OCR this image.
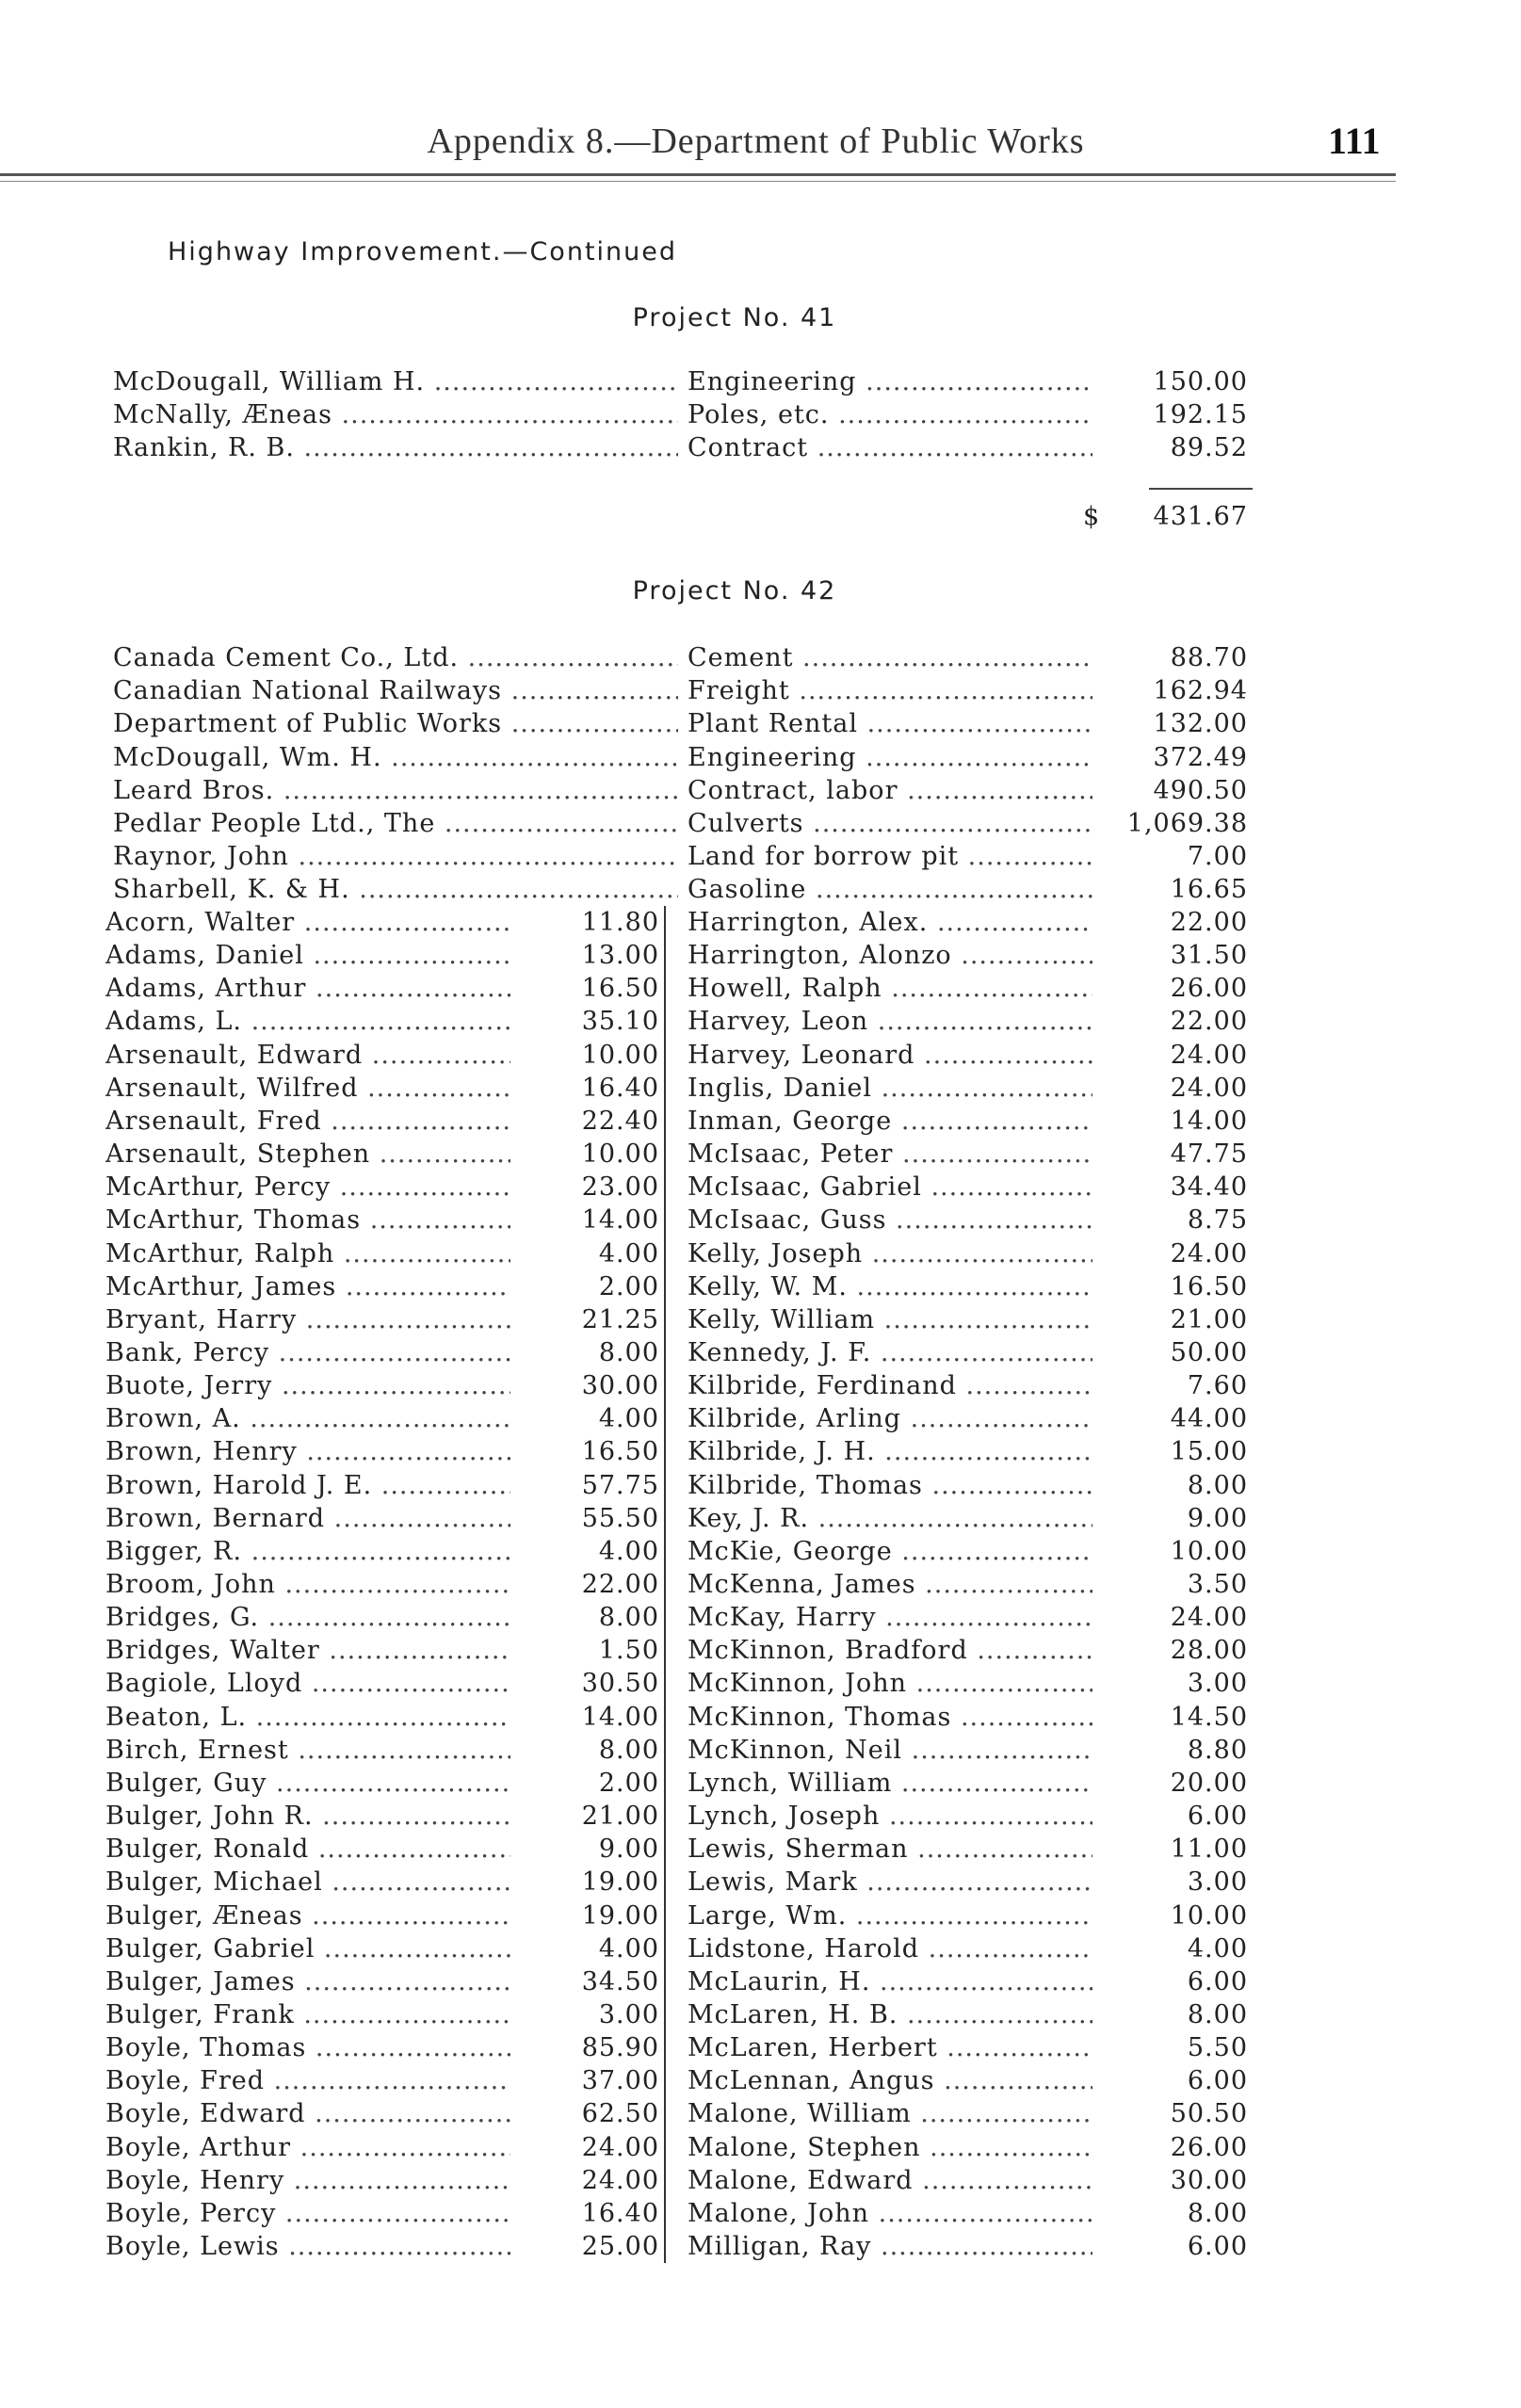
Appendix 8.—Department of Public Works	111
Highway Improvement.—Continued
Project No. 41
McDougall, William H. .....	Engineering .....	150.00
McNally, Æneas .....	Poles, etc. .....	192.15
Rankin, R. B. .....	Contract .....	89.52
$	431.67
Project No. 42
Canada Cement Co., Ltd. .....	Cement .....	88.70
Canadian National Railways .....	Freight .....	162.94
Department of Public Works .....	Plant Rental .....	132.00
McDougall, Wm. H. .....	Engineering .....	372.49
Leard Bros. .....	Contract, labor .....	490.50
Pedlar People Ltd., The .....	Culverts .....	1,069.38
Raynor, John .....	Land for borrow pit .....	7.00
Sharbell, K. & H. .....	Gasoline .....	16.65
Acorn, Walter .....	11.80 Harrington, Alex. .....	22.00
Adams, Daniel .....	13.00 Harrington, Alonzo .....	31.50
Adams, Arthur .....	16.50 Howell, Ralph .....	26.00
Adams, L. .....	35.10 Harvey, Leon .....	22.00
Arsenault, Edward .....	10.00 Harvey, Leonard .....	24.00
Arsenault, Wilfred .....	16.40 Inglis, Daniel .....	24.00
Arsenault, Fred .....	22.40 Inman, George .....	14.00
Arsenault, Stephen .....	10.00 McIsaac, Peter .....	47.75
McArthur, Percy .....	23.00 McIsaac, Gabriel .....	34.40
McArthur, Thomas .....	14.00 McIsaac, Guss .....	8.75
McArthur, Ralph .....	4.00 Kelly, Joseph .....	24.00
McArthur, James .....	2.00 Kelly, W. M. .....	16.50
Bryant, Harry .....	21.25 Kelly, William .....	21.00
Bank, Percy .....	8.00 Kennedy, J. F. .....	50.00
Buote, Jerry .....	30.00 Kilbride, Ferdinand .....	7.60
Brown, A. .....	4.00 Kilbride, Arling .....	44.00
Brown, Henry .....	16.50 Kilbride, J. H. .....	15.00
Brown, Harold J. E. .....	57.75 Kilbride, Thomas .....	8.00
Brown, Bernard .....	55.50 Key, J. R. .....	9.00
Bigger, R. .....	4.00 McKie, George .....	10.00
Broom, John .....	22.00 McKenna, James .....	3.50
Bridges, G. .....	8.00 McKay, Harry .....	24.00
Bridges, Walter .....	1.50 McKinnon, Bradford .....	28.00
Bagiole, Lloyd .....	30.50 McKinnon, John .....	3.00
Beaton, L. .....	14.00 McKinnon, Thomas .....	14.50
Birch, Ernest .....	8.00 McKinnon, Neil .....	8.80
Bulger, Guy .....	2.00 Lynch, William .....	20.00
Bulger, John R. .....	21.00 Lynch, Joseph .....	6.00
Bulger, Ronald .....	9.00 Lewis, Sherman .....	11.00
Bulger, Michael .....	19.00 Lewis, Mark .....	3.00
Bulger, Æneas .....	19.00 Large, Wm. .....	10.00
Bulger, Gabriel .....	4.00 Lidstone, Harold .....	4.00
Bulger, James .....	34.50 McLaurin, H. .....	6.00
Bulger, Frank .....	3.00 McLaren, H. B. .....	8.00
Boyle, Thomas .....	85.90 McLaren, Herbert .....	5.50
Boyle, Fred .....	37.00 McLennan, Angus .....	6.00
Boyle, Edward .....	62.50 Malone, William .....	50.50
Boyle, Arthur .....	24.00 Malone, Stephen .....	26.00
Boyle, Henry .....	24.00 Malone, Edward .....	30.00
Boyle, Percy .....	16.40 Malone, John .....	8.00
Boyle, Lewis .....	25.00 Milligan, Ray .....	6.00
